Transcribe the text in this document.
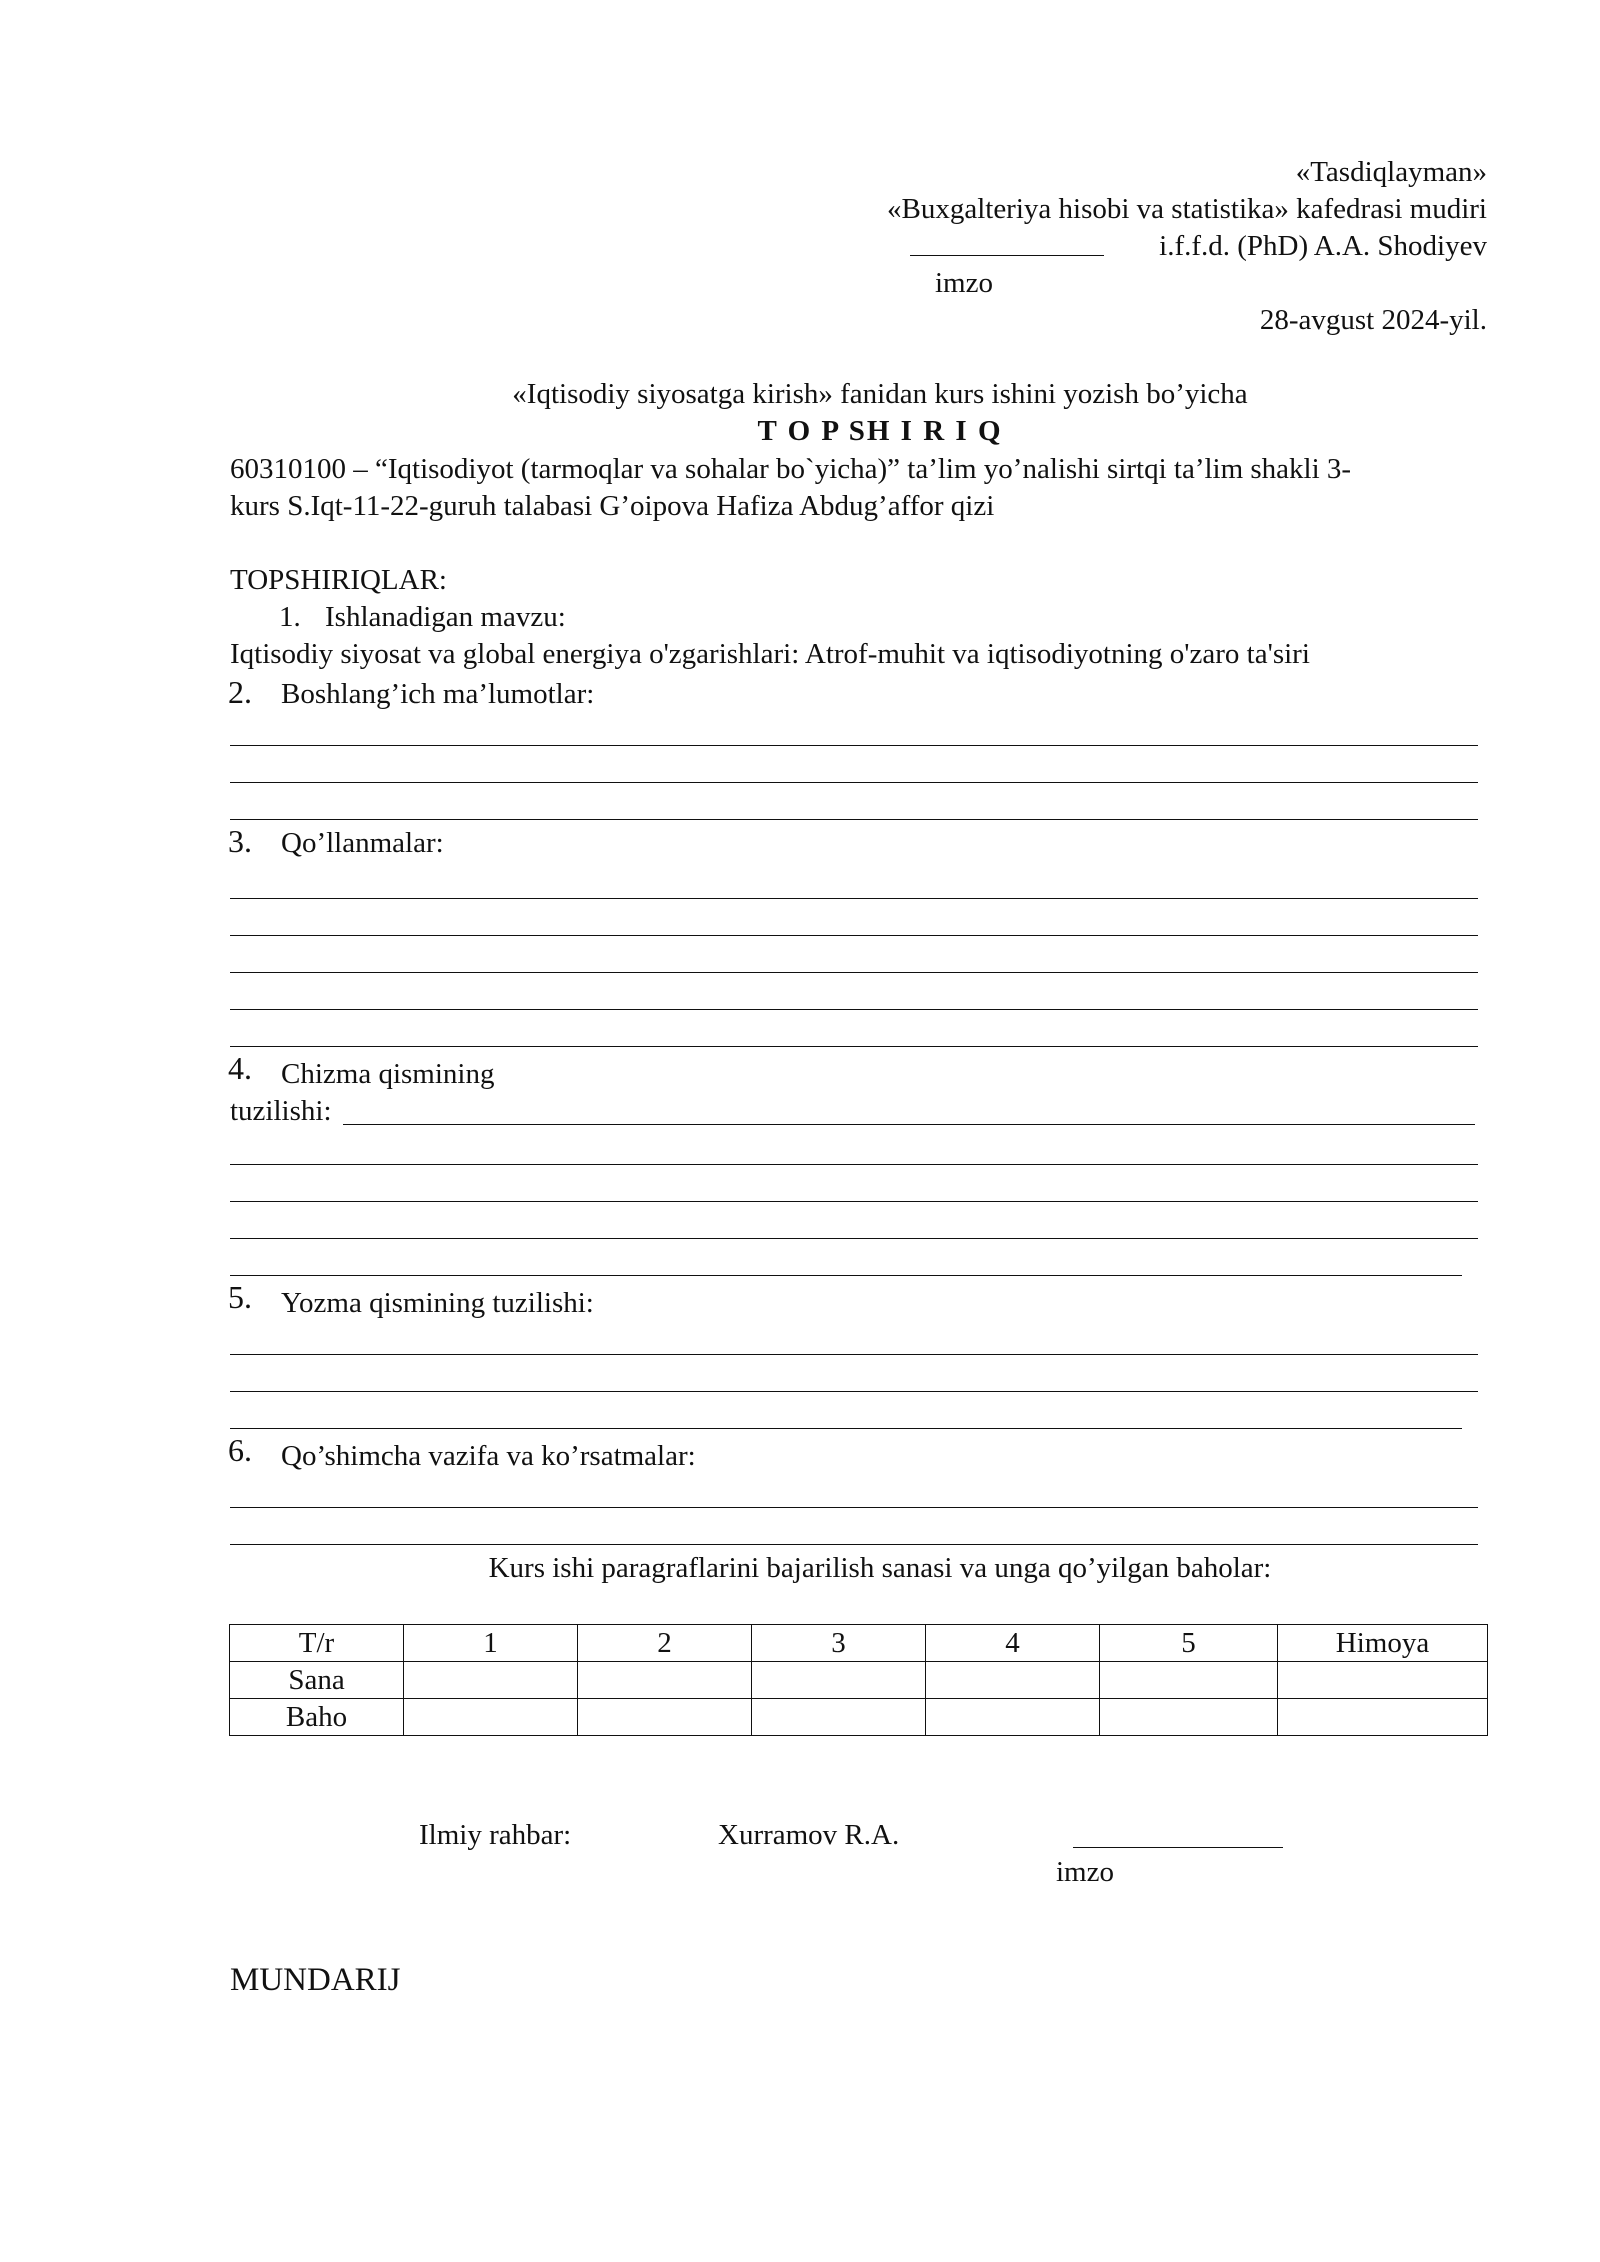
«Tasdiqlayman»
«Buxgalteriya hisobi va statistika» kafedrasi mudiri
i.f.f.d. (PhD) A.A. Shodiyev
imzo
28-avgust 2024-yil.
«Iqtisodiy siyosatga kirish» fanidan kurs ishini yozish bo’yicha
T O P SH I R I Q
60310100 – “Iqtisodiyot (tarmoqlar va sohalar bo`yicha)” ta’lim yo’nalishi sirtqi ta’lim shakli 3-
kurs S.Iqt-11-22-guruh talabasi G’oipova Hafiza Abdug’affor qizi
TOPSHIRIQLAR:
1. Ishlanadigan mavzu:
Iqtisodiy siyosat va global energiya o'zgarishlari: Atrof-muhit va iqtisodiyotning o'zaro ta'siri
2. Boshlang’ich ma’lumotlar:
3. Qo’llanmalar:
4. Chizma qismining
tuzilishi:
5. Yozma qismining tuzilishi:
6. Qo’shimcha vazifa va ko’rsatmalar:
Kurs ishi paragraflarini bajarilish sanasi va unga qo’yilgan baholar:
T/r	1	2	3	4	5	Himoya
Sana						
Baho						
Ilmiy rahbar:	Xurramov R.A.
imzo
MUNDARIJ
